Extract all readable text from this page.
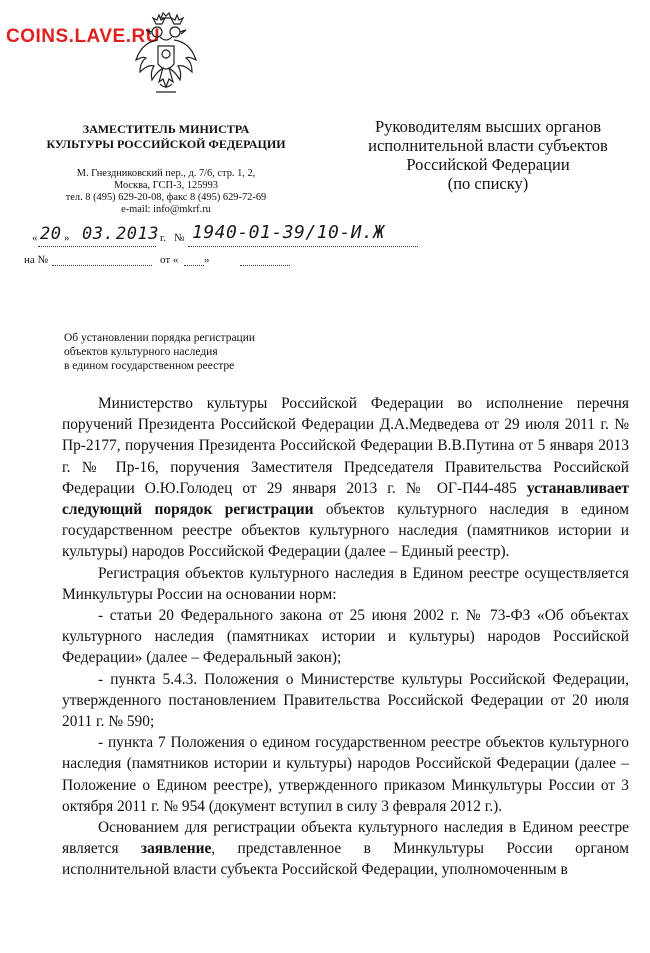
COINS.LAVE.RU
ЗАМЕСТИТЕЛЬ МИНИСТРА
КУЛЬТУРЫ РОССИЙСКОЙ ФЕДЕРАЦИИ
М. Гнездниковский пер., д. 7/6, стр. 1, 2,
Москва, ГСП-3, 125993
тел. 8 (495) 629-20-08, факс 8 (495) 629-72-69
e-mail: info@mkrf.ru
Руководителям высших органов
исполнительной власти субъектов
Российской Федерации
(по списку)
« 20 » 03. 2013 г. № 1940-01-39/10-И.Ж
на №	от « »
Об установлении порядка регистрации
объектов культурного наследия
в едином государственном реестре

Министерство культуры Российской Федерации во исполнение перечня поручений Президента Российской Федерации Д.А.Медведева от 29 июля 2011 г. № Пр-2177, поручения Президента Российской Федерации В.В.Путина от 5 января 2013 г. № Пр-16, поручения Заместителя Председателя Правительства Российской Федерации О.Ю.Голодец от 29 января 2013 г. № ОГ-П44-485 устанавливает следующий порядок регистрации объектов культурного наследия в едином государственном реестре объектов культурного наследия (памятников истории и культуры) народов Российской Федерации (далее – Единый реестр).

Регистрация объектов культурного наследия в Едином реестре осуществляется Минкультуры России на основании норм:

- статьи 20 Федерального закона от 25 июня 2002 г. № 73-ФЗ «Об объектах культурного наследия (памятниках истории и культуры) народов Российской Федерации» (далее – Федеральный закон);

- пункта 5.4.3. Положения о Министерстве культуры Российской Федерации, утвержденного постановлением Правительства Российской Федерации от 20 июля 2011 г. № 590;

- пункта 7 Положения о едином государственном реестре объектов культурного наследия (памятников истории и культуры) народов Российской Федерации (далее – Положение о Едином реестре), утвержденного приказом Минкультуры России от 3 октября 2011 г. № 954 (документ вступил в силу 3 февраля 2012 г.).

Основанием для регистрации объекта культурного наследия в Едином реестре является заявление, представленное в Минкультуры России органом исполнительной власти субъекта Российской Федерации, уполномоченным в
